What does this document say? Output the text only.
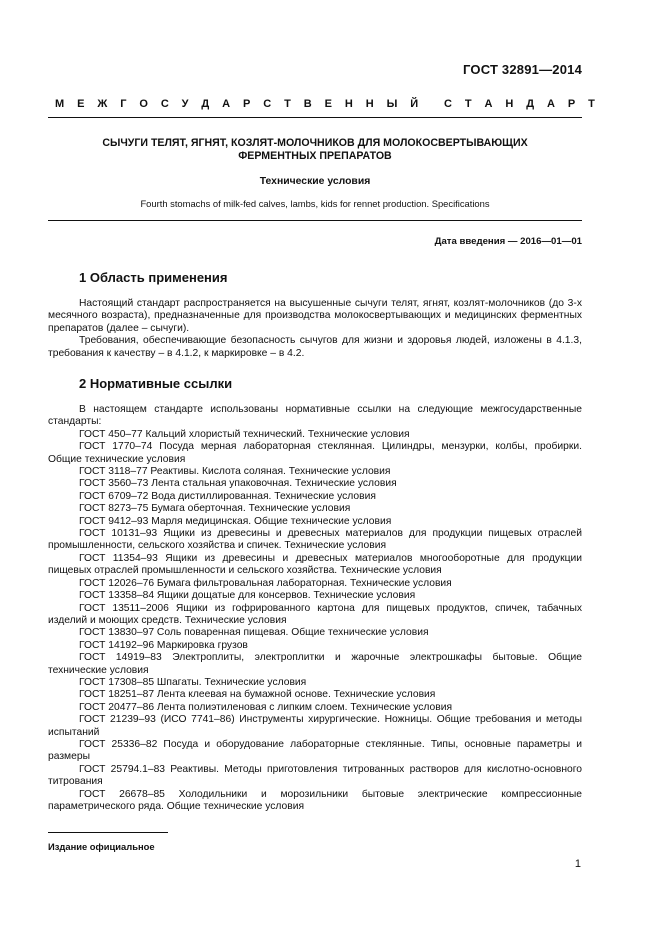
ГОСТ 32891—2014
М Е Ж Г О С У Д А Р С Т В Е Н Н Ы Й С Т А Н Д А Р Т
СЫЧУГИ ТЕЛЯТ, ЯГНЯТ, КОЗЛЯТ-МОЛОЧНИКОВ ДЛЯ МОЛОКОСВЕРТЫВАЮЩИХ
ФЕРМЕНТНЫХ ПРЕПАРАТОВ
Технические условия
Fourth stomachs of milk-fed calves, lambs, kids for rennet production. Specifications
Дата введения — 2016—01—01
1 Область применения

Настоящий стандарт распространяется на высушенные сычуги телят, ягнят, козлят-молочников (до 3-х месячного возраста), предназначенные для производства молокосвертывающих и медицинских ферментных препаратов (далее – сычуги).

Требования, обеспечивающие безопасность сычугов для жизни и здоровья людей, изложены в 4.1.3, требования к качеству – в 4.1.2, к маркировке – в 4.2.

2 Нормативные ссылки

В настоящем стандарте использованы нормативные ссылки на следующие межгосударственные стандарты:

ГОСТ 450–77 Кальций хлористый технический. Технические условия

ГОСТ 1770–74 Посуда мерная лабораторная стеклянная. Цилиндры, мензурки, колбы, пробирки. Общие технические условия

ГОСТ 3118–77 Реактивы. Кислота соляная. Технические условия

ГОСТ 3560–73 Лента стальная упаковочная. Технические условия

ГОСТ 6709–72 Вода дистиллированная. Технические условия

ГОСТ 8273–75 Бумага оберточная. Технические условия

ГОСТ 9412–93 Марля медицинская. Общие технические условия

ГОСТ 10131–93 Ящики из древесины и древесных материалов для продукции пищевых отраслей промышленности, сельского хозяйства и спичек. Технические условия

ГОСТ 11354–93 Ящики из древесины и древесных материалов многооборотные для продукции пищевых отраслей промышленности и сельского хозяйства. Технические условия

ГОСТ 12026–76 Бумага фильтровальная лабораторная. Технические условия

ГОСТ 13358–84 Ящики дощатые для консервов. Технические условия

ГОСТ 13511–2006 Ящики из гофрированного картона для пищевых продуктов, спичек, табачных изделий и моющих средств. Технические условия

ГОСТ 13830–97 Соль поваренная пищевая. Общие технические условия

ГОСТ 14192–96 Маркировка грузов

ГОСТ 14919–83 Электроплиты, электроплитки и жарочные электрошкафы бытовые. Общие технические условия

ГОСТ 17308–85 Шпагаты. Технические условия

ГОСТ 18251–87 Лента клеевая на бумажной основе. Технические условия

ГОСТ 20477–86 Лента полиэтиленовая с липким слоем. Технические условия

ГОСТ 21239–93 (ИСО 7741–86) Инструменты хирургические. Ножницы. Общие требования и методы испытаний

ГОСТ 25336–82 Посуда и оборудование лабораторные стеклянные. Типы, основные параметры и размеры

ГОСТ 25794.1–83 Реактивы. Методы приготовления титрованных растворов для кислотно-основного титрования

ГОСТ 26678–85 Холодильники и морозильники бытовые электрические компрессионные параметрического ряда. Общие технические условия

Издание официальное
1
